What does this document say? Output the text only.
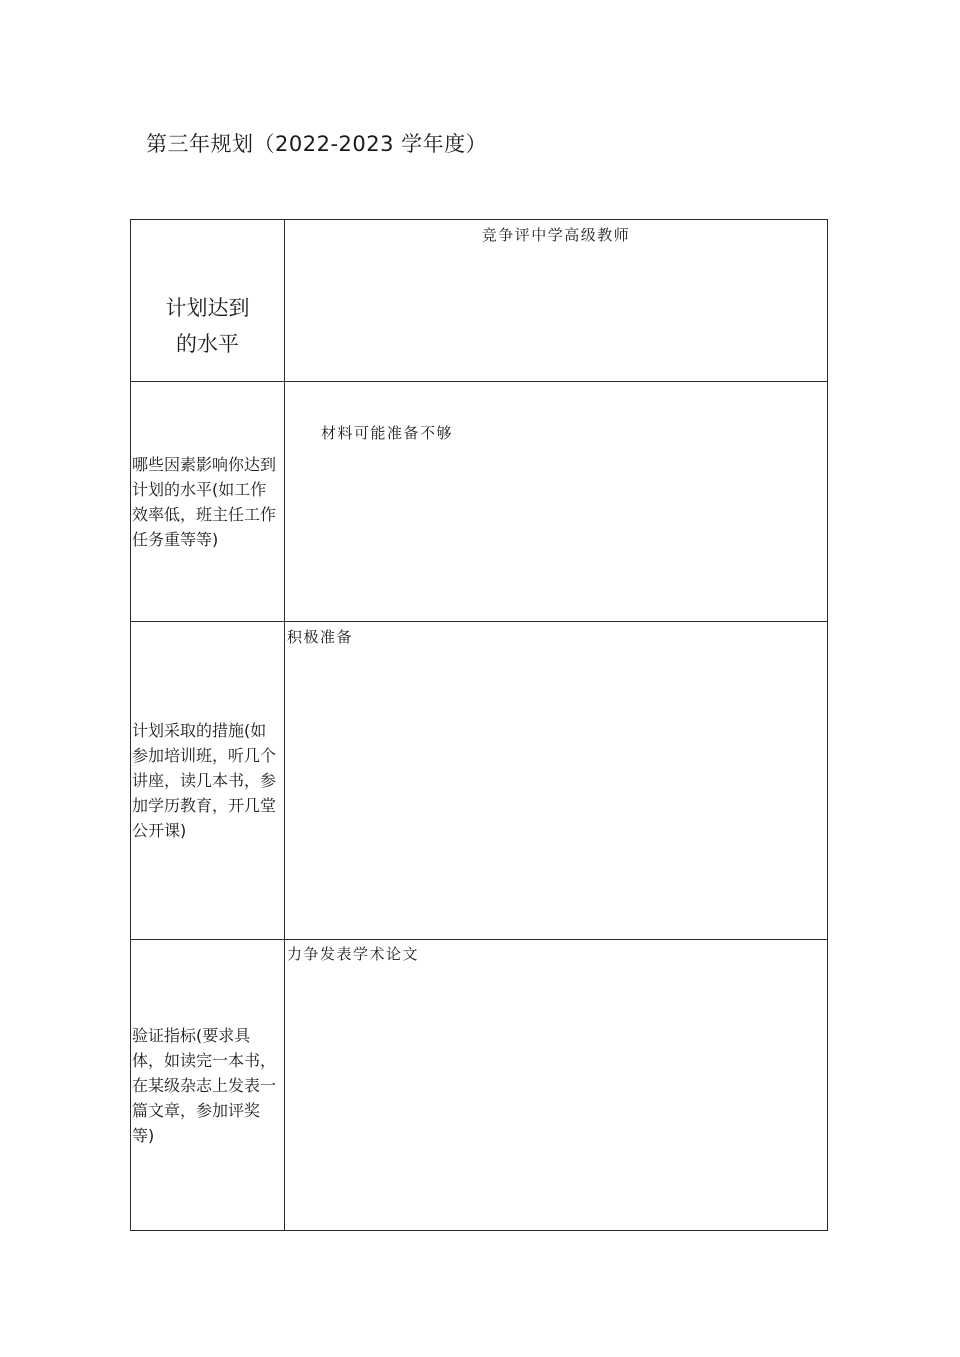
第三年规划（2022-2023 学年度）
计划达到
的水平	竞争评中学高级教师

哪些因素影响你达到
计划的水平(如工作
效率低，班主任工作
任务重等等)	材料可能准备不够

计划采取的措施(如
参加培训班，听几个
讲座，读几本书，参
加学历教育，开几堂
公开课)	积极准备

验证指标(要求具
体，如读完一本书，
在某级杂志上发表一
篇文章，参加评奖
等)	力争发表学术论文
